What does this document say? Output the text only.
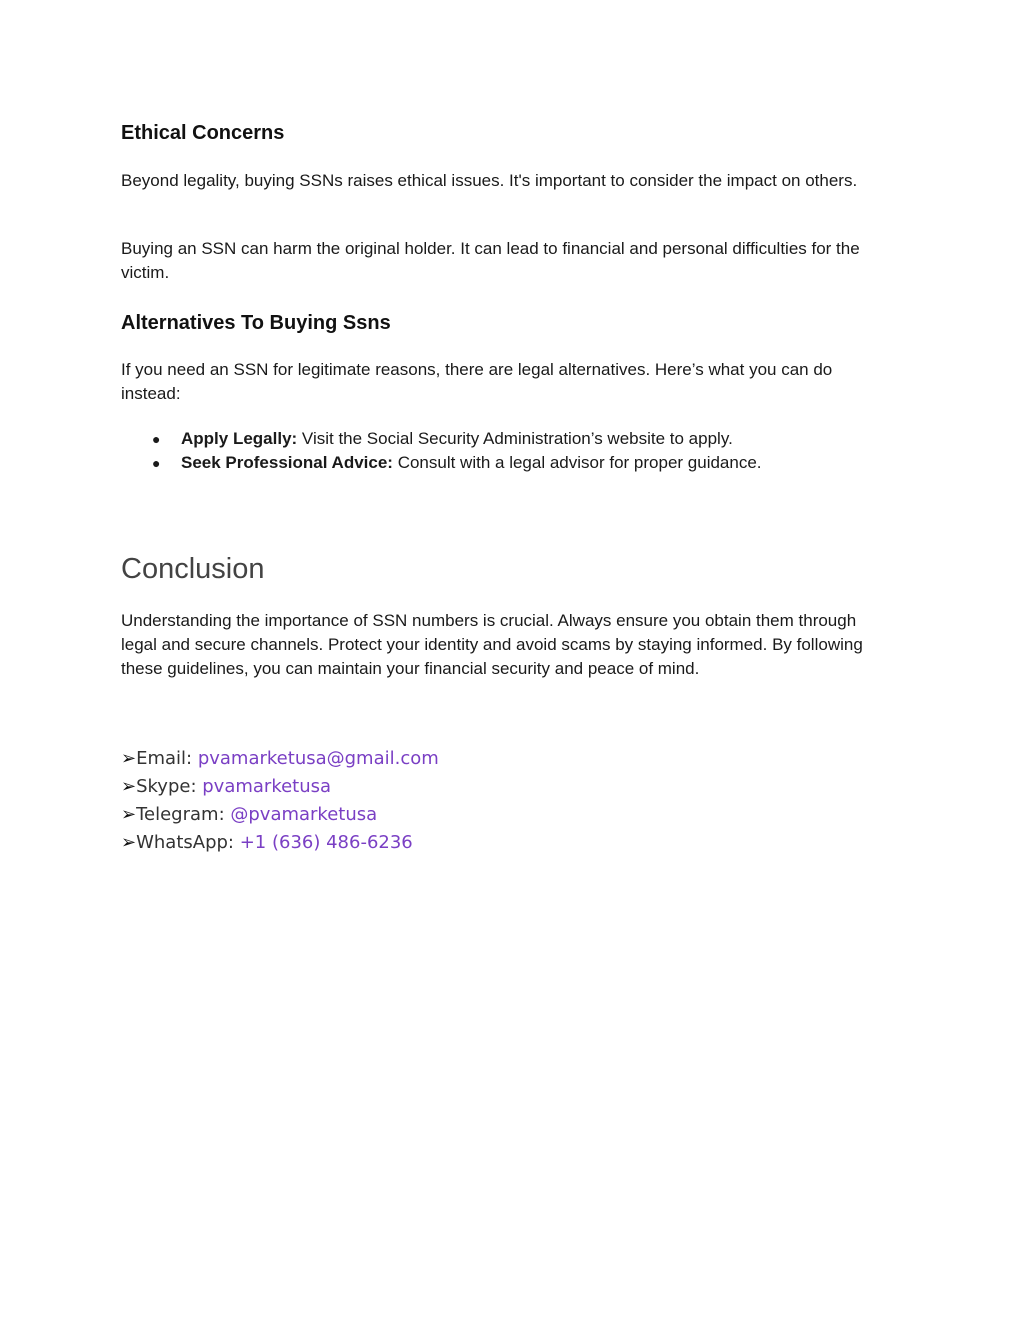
Ethical Concerns

Beyond legality, buying SSNs raises ethical issues. It's important to consider the impact on others.

Buying an SSN can harm the original holder. It can lead to financial and personal difficulties for the victim.

Alternatives To Buying Ssns

If you need an SSN for legitimate reasons, there are legal alternatives. Here’s what you can do instead:

● Apply Legally: Visit the Social Security Administration’s website to apply.
● Seek Professional Advice: Consult with a legal advisor for proper guidance.
Conclusion

Understanding the importance of SSN numbers is crucial. Always ensure you obtain them through legal and secure channels. Protect your identity and avoid scams by staying informed. By following these guidelines, you can maintain your financial security and peace of mind.

➢Email: pvamarketusa@gmail.com
➢Skype: pvamarketusa
➢Telegram: @pvamarketusa
➢WhatsApp: +1 (636) 486-6236
